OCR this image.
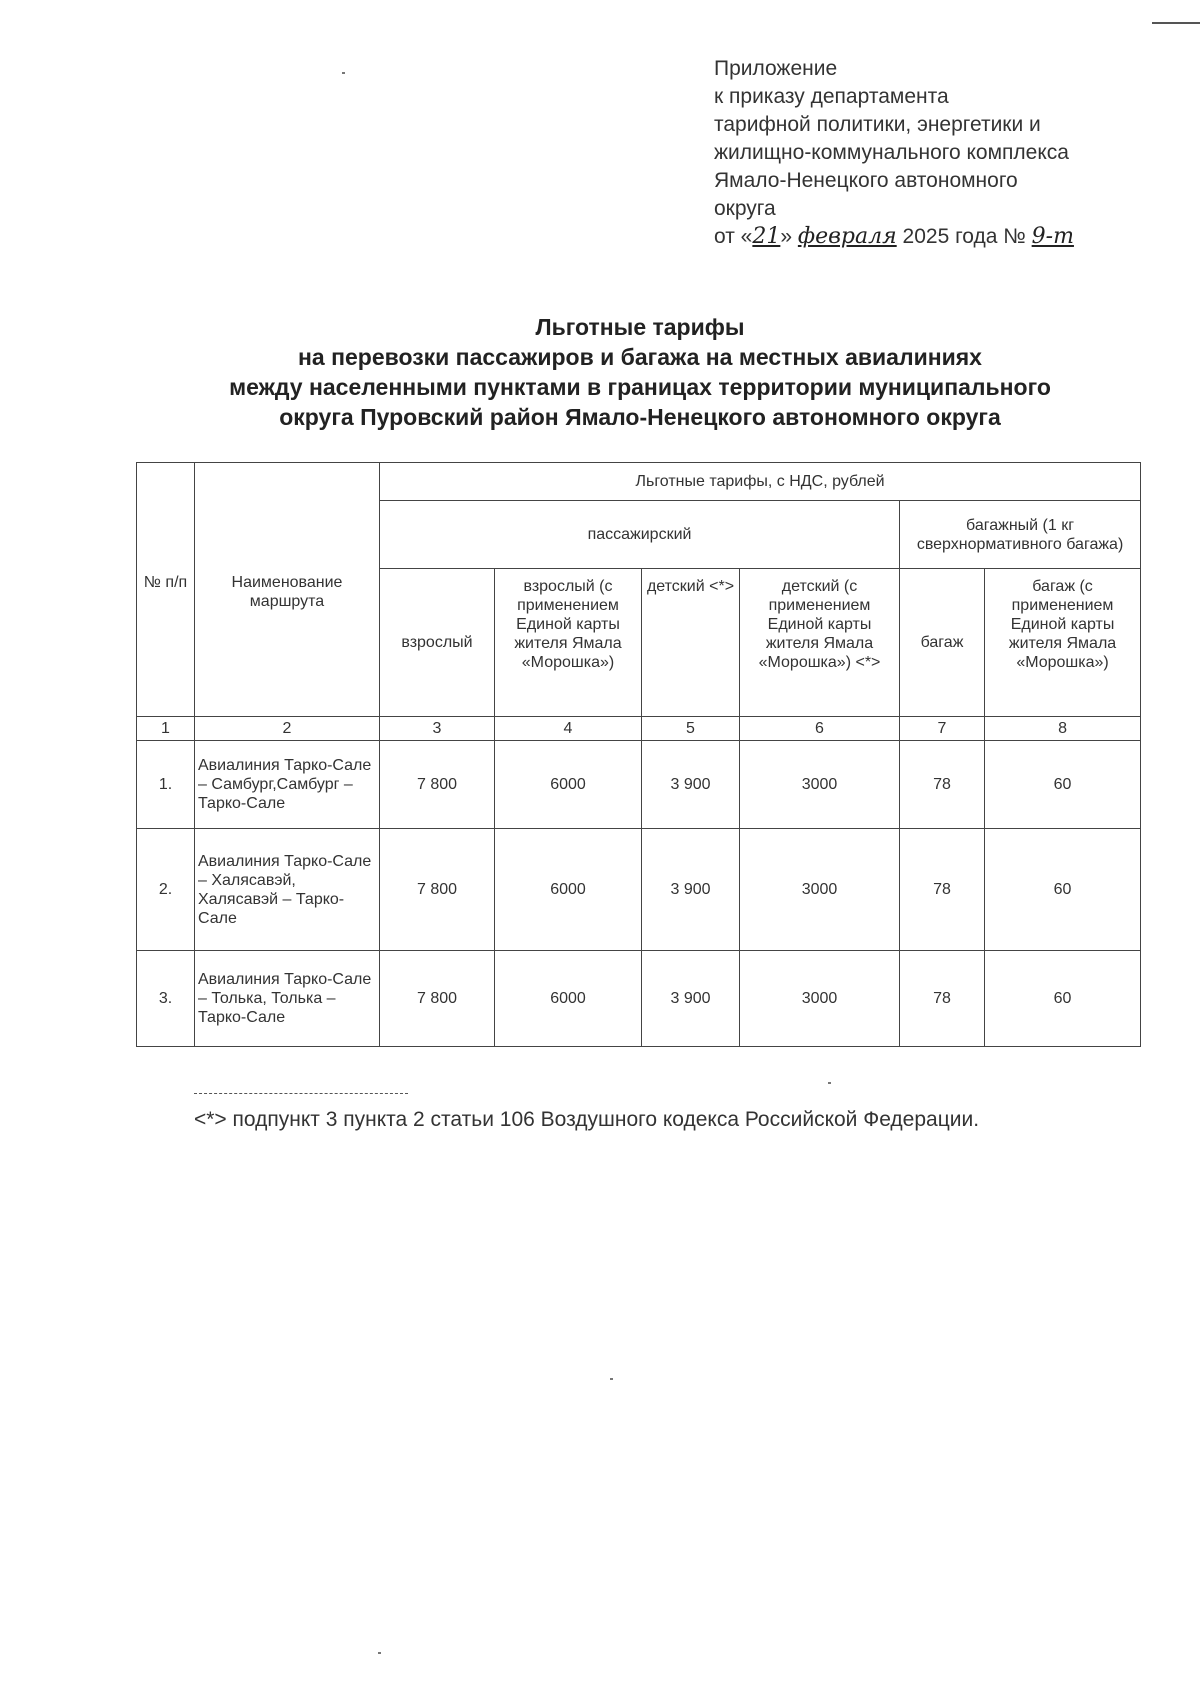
Приложение
к приказу департамента
тарифной политики, энергетики и
жилищно-коммунального комплекса
Ямало-Ненецкого автономного
округа
от «21» февраля 2025 года № 9-т
Льготные тарифы
на перевозки пассажиров и багажа на местных авиалиниях
между населенными пунктами в границах территории муниципального
округа Пуровский район Ямало-Ненецкого автономного округа
№ п/п	Наименование маршрута	Льготные тарифы, с НДС, рублей					
		пассажирский				багажный (1 кг сверхнормативного багажа)	
		взрослый	взрослый (с применением Единой карты жителя Ямала «Морошка»)	детский <*>	детский (с применением Единой карты жителя Ямала «Морошка») <*>	багаж	багаж (с применением Единой карты жителя Ямала «Морошка»)
1	2	3	4	5	6	7	8
1.	Авиалиния Тарко-Сале – Самбург,Самбург – Тарко-Сале	7 800	6000	3 900	3000	78	60
2.	Авиалиния Тарко-Сале – Халясавэй, Халясавэй – Тарко-Сале	7 800	6000	3 900	3000	78	60
3.	Авиалиния Тарко-Сале – Толька, Толька – Тарко-Сале	7 800	6000	3 900	3000	78	60
<*> подпункт 3 пункта 2 статьи 106 Воздушного кодекса Российской Федерации.
